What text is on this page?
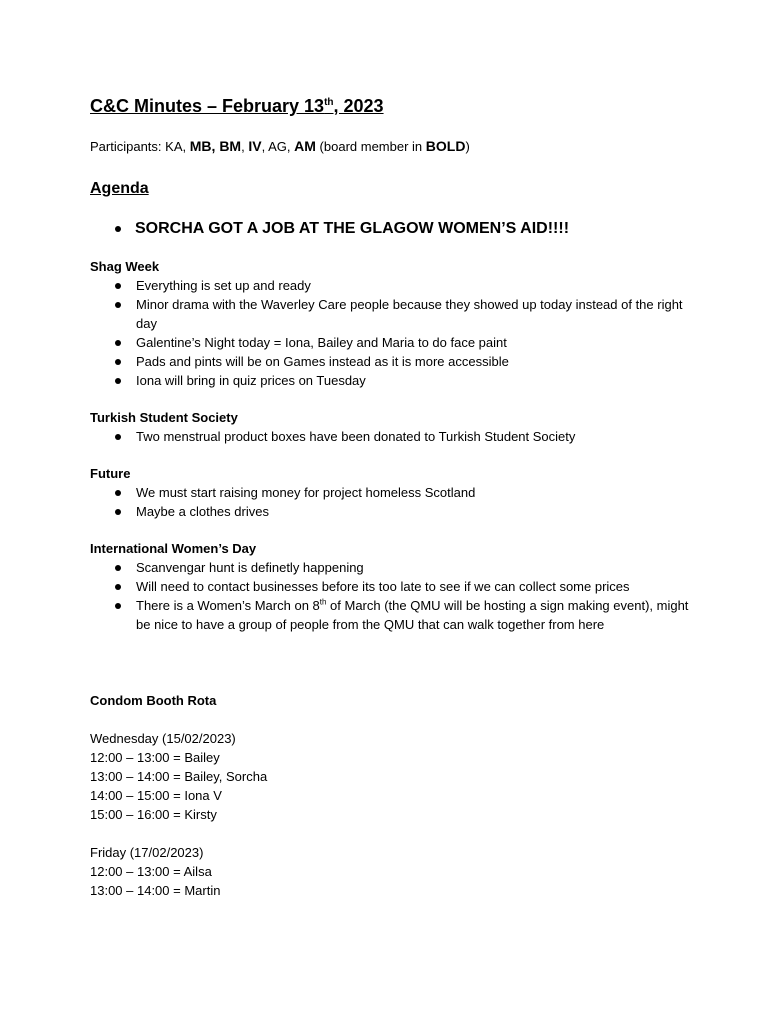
C&C Minutes – February 13th, 2023
Participants: KA, MB, BM, IV, AG, AM (board member in BOLD)
Agenda
SORCHA GOT A JOB AT THE GLAGOW WOMEN’S AID!!!!

Shag Week

Everything is set up and ready
Minor drama with the Waverley Care people because they showed up today instead of the right day
Galentine’s Night today = Iona, Bailey and Maria to do face paint
Pads and pints will be on Games instead as it is more accessible
Iona will bring in quiz prices on Tuesday

Turkish Student Society

Two menstrual product boxes have been donated to Turkish Student Society

Future

We must start raising money for project homeless Scotland
Maybe a clothes drives

International Women’s Day

Scanvengar hunt is definetly happening
Will need to contact businesses before its too late to see if we can collect some prices
There is a Women’s March on 8th of March (the QMU will be hosting a sign making event), might be nice to have a group of people from the QMU that can walk together from here

Condom Booth Rota

Wednesday (15/02/2023)
12:00 – 13:00 = Bailey
13:00 – 14:00 = Bailey, Sorcha
14:00 – 15:00 = Iona V
15:00 – 16:00 = Kirsty
Friday (17/02/2023)
12:00 – 13:00 = Ailsa
13:00 – 14:00 = Martin
